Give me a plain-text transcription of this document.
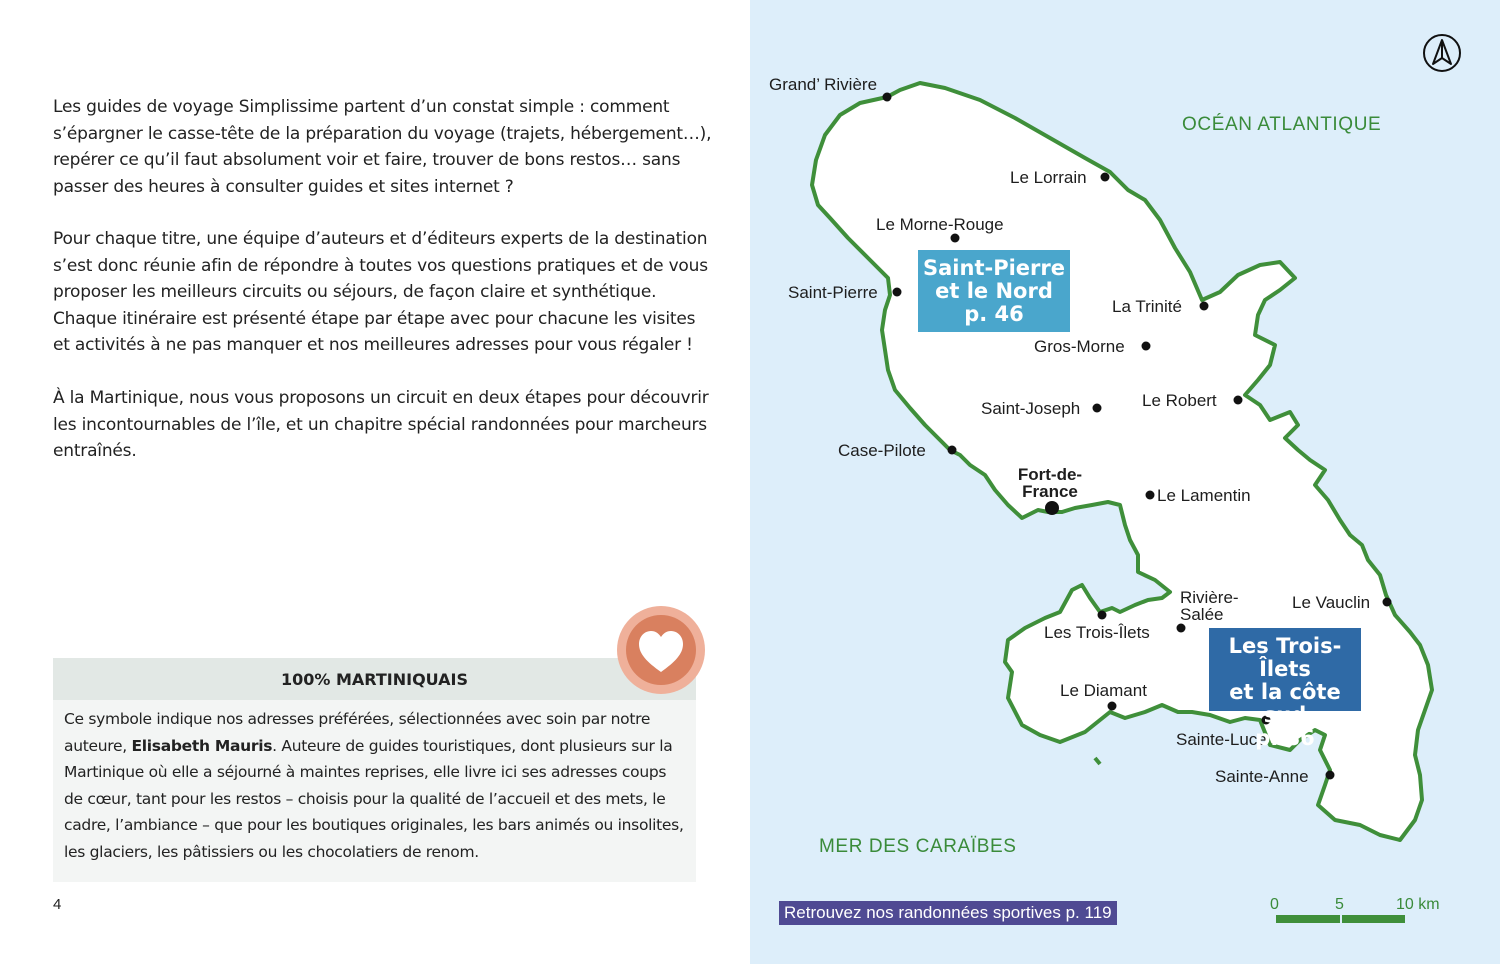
Les guides de voyage Simplissime partent d’un constat simple : comment s’épargner le casse-tête de la préparation du voyage (trajets, hébergement…), repérer ce qu’il faut absolument voir et faire, trouver de bons restos… sans passer des heures à consulter guides et sites internet ?

Pour chaque titre, une équipe d’auteurs et d’éditeurs experts de la destination s’est donc réunie afin de répondre à toutes vos questions pratiques et de vous proposer les meilleurs circuits ou séjours, de façon claire et synthétique. Chaque itinéraire est présenté étape par étape avec pour chacune les visites et activités à ne pas manquer et nos meilleures adresses pour vous régaler !

À la Martinique, nous vous proposons un circuit en deux étapes pour découvrir les incontournables de l’île, et un chapitre spécial randonnées pour marcheurs entraînés.

100% MARTINIQUAIS
Ce symbole indique nos adresses préférées, sélectionnées avec soin par notre auteure, Elisabeth Mauris. Auteure de guides touristiques, dont plusieurs sur la Martinique où elle a séjourné à maintes reprises, elle livre ici ses adresses coups de cœur, tant pour les restos – choisis pour la qualité de l’accueil et des mets, le cadre, l’ambiance – que pour les boutiques originales, les bars animés ou insolites, les glaciers, les pâtissiers ou les chocolatiers de renom.
4
OCÉAN ATLANTIQUE
MER DES CARAÏBES
Retrouvez nos randonnées sportives p. 119	0	5	10 km
Grand’ Rivière
Le Lorrain
Le Morne-Rouge
Saint-Pierre
La Trinité
Gros-Morne
Saint-Joseph	Le Robert
Case-Pilote
Fort-de-
France	Le Lamentin
Rivière-
Salée
Le Vauclin
Les Trois-Îlets
Le Diamant
Sainte-Luce
Sainte-Anne
Saint-Pierre
et le Nord
p. 46
Les Trois-Îlets
et la côte sud
p. 86
